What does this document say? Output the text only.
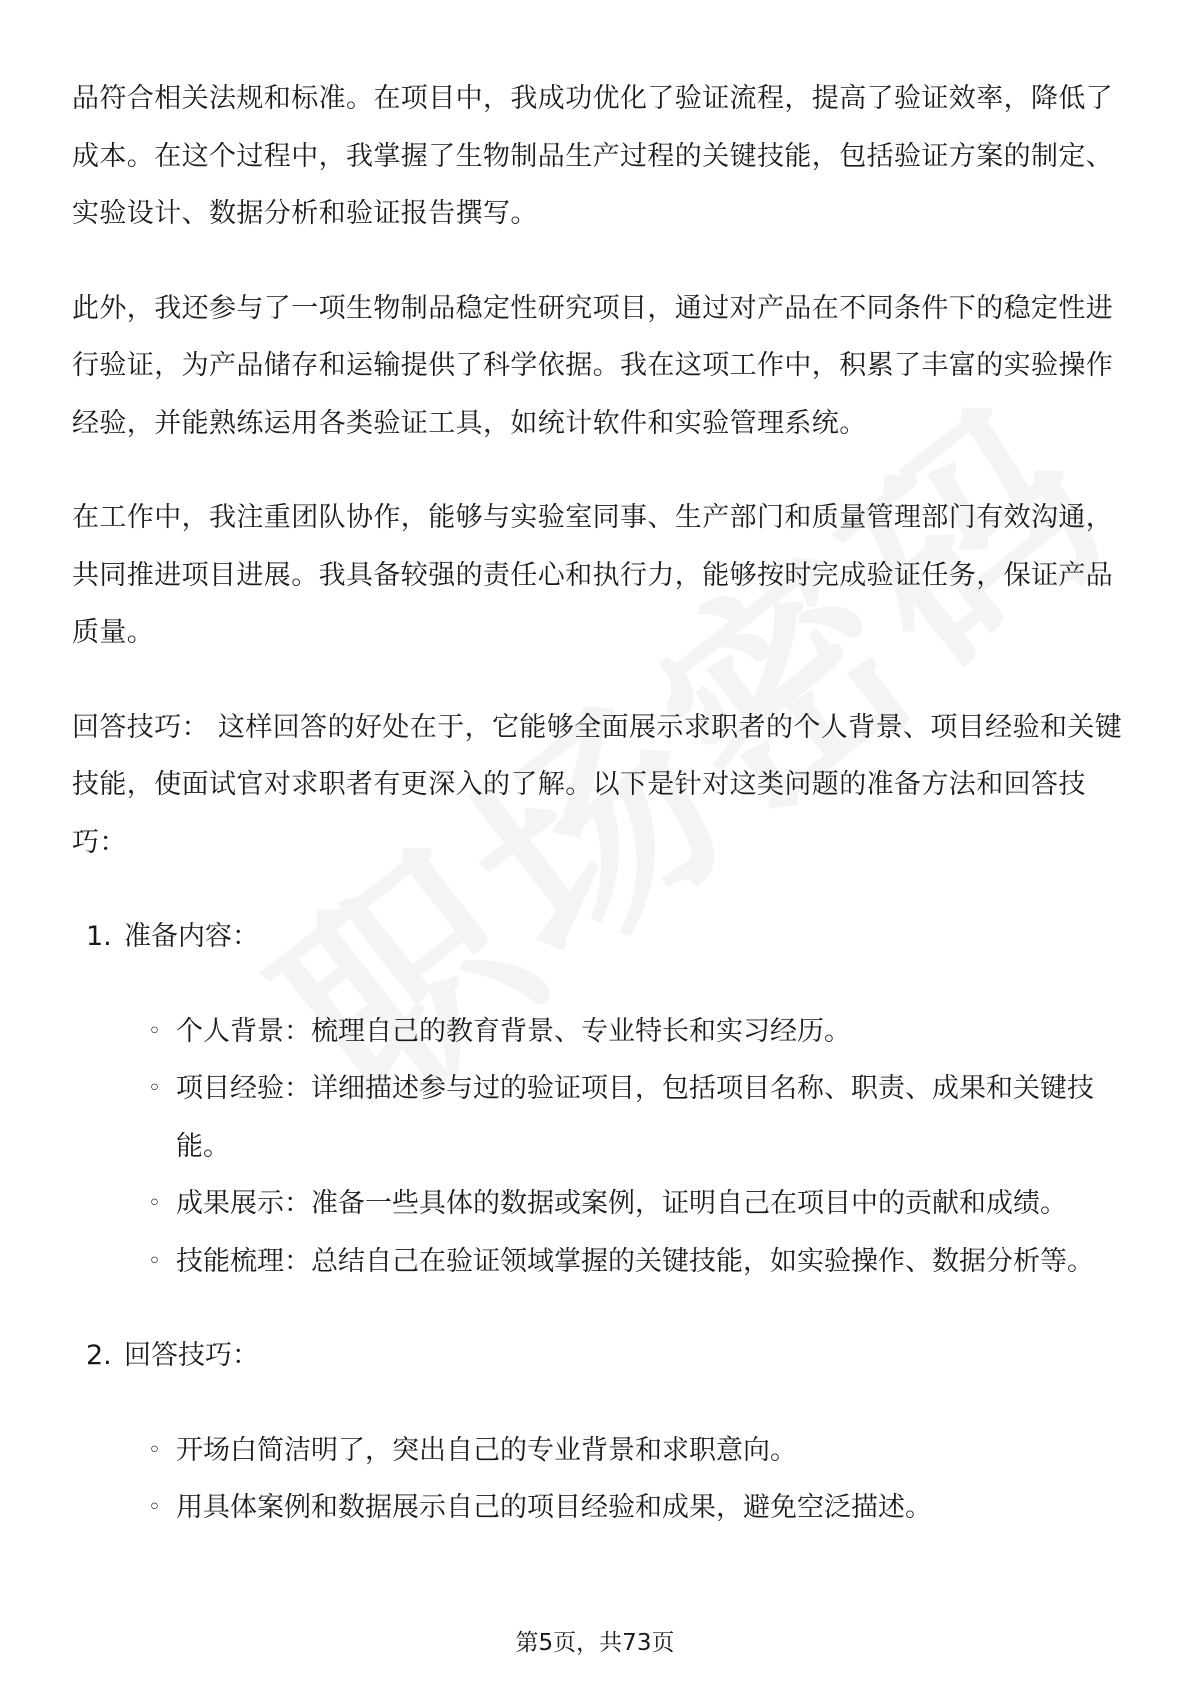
品符合相关法规和标准。在项目中，我成功优化了验证流程，提高了验证效率，降低了成本。在这个过程中，我掌握了生物制品生产过程的关键技能，包括验证方案的制定、实验设计、数据分析和验证报告撰写。

此外，我还参与了一项生物制品稳定性研究项目，通过对产品在不同条件下的稳定性进行验证，为产品储存和运输提供了科学依据。我在这项工作中，积累了丰富的实验操作经验，并能熟练运用各类验证工具，如统计软件和实验管理系统。

在工作中，我注重团队协作，能够与实验室同事、生产部门和质量管理部门有效沟通，共同推进项目进展。我具备较强的责任心和执行力，能够按时完成验证任务，保证产品质量。

回答技巧： 这样回答的好处在于，它能够全面展示求职者的个人背景、项目经验和关键技能，使面试官对求职者有更深入的了解。以下是针对这类问题的准备方法和回答技巧：

1. 准备内容：
◦ 个人背景：梳理自己的教育背景、专业特长和实习经历。
◦ 项目经验：详细描述参与过的验证项目，包括项目名称、职责、成果和关键技能。
◦ 成果展示：准备一些具体的数据或案例，证明自己在项目中的贡献和成绩。
◦ 技能梳理：总结自己在验证领域掌握的关键技能，如实验操作、数据分析等。
2. 回答技巧：
◦ 开场白简洁明了，突出自己的专业背景和求职意向。
◦ 用具体案例和数据展示自己的项目经验和成果，避免空泛描述。
第5页，共73页
